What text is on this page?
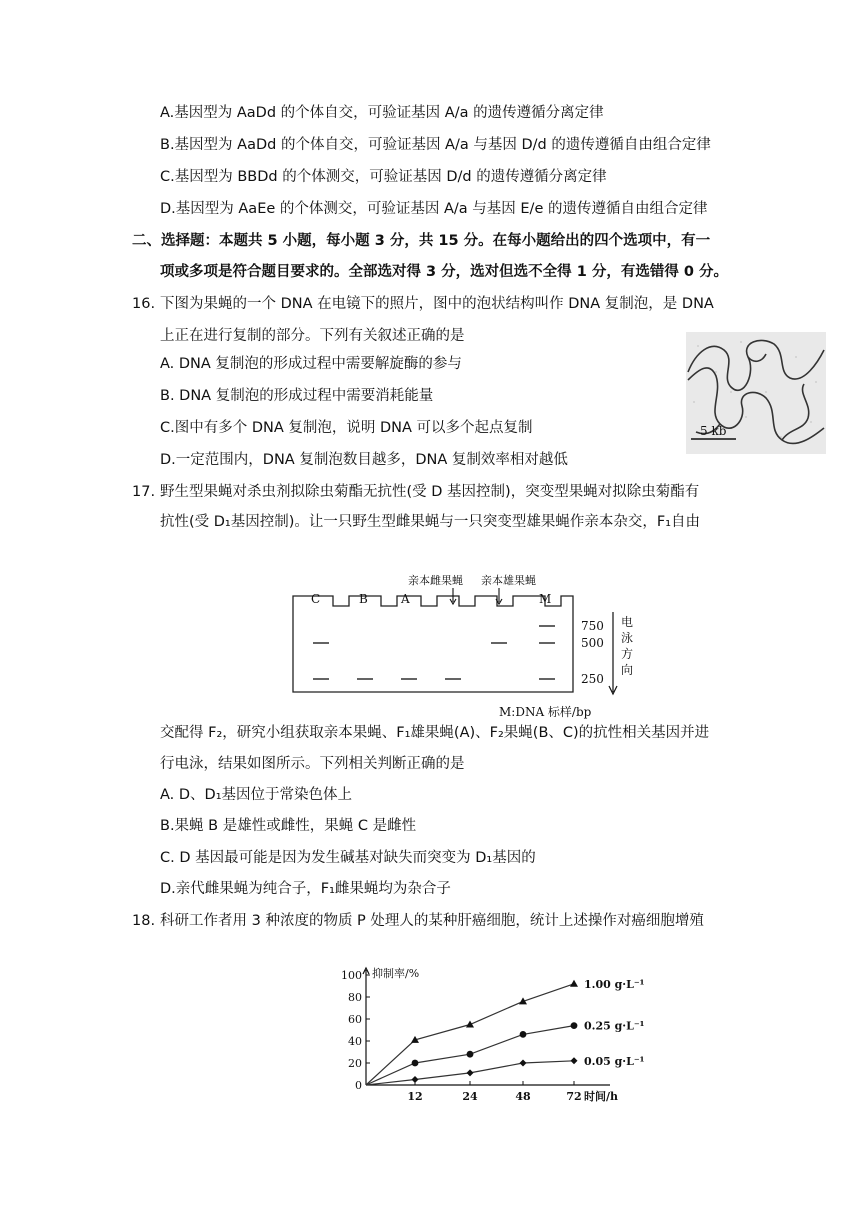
A.基因型为 AaDd 的个体自交，可验证基因 A/a 的遗传遵循分离定律
B.基因型为 AaDd 的个体自交，可验证基因 A/a 与基因 D/d 的遗传遵循自由组合定律
C.基因型为 BBDd 的个体测交，可验证基因 D/d 的遗传遵循分离定律
D.基因型为 AaEe 的个体测交，可验证基因 A/a 与基因 E/e 的遗传遵循自由组合定律
二、选择题：本题共 5 小题，每小题 3 分，共 15 分。在每小题给出的四个选项中，有一
项或多项是符合题目要求的。全部选对得 3 分，选对但选不全得 1 分，有选错得 0 分。
16. 下图为果蝇的一个 DNA 在电镜下的照片，图中的泡状结构叫作 DNA 复制泡，是 DNA
上正在进行复制的部分。下列有关叙述正确的是
A. DNA 复制泡的形成过程中需要解旋酶的参与
B. DNA 复制泡的形成过程中需要消耗能量
C.图中有多个 DNA 复制泡，说明 DNA 可以多个起点复制
D.一定范围内，DNA 复制泡数目越多，DNA 复制效率相对越低
5 kb
17. 野生型果蝇对杀虫剂拟除虫菊酯无抗性(受 D 基因控制)，突变型果蝇对拟除虫菊酯有
抗性(受 D₁基因控制)。让一只野生型雌果蝇与一只突变型雄果蝇作亲本杂交，F₁自由
C	B	A	M
亲本雌果蝇 亲本雄果蝇
750
500
250
电泳方向
M:DNA 标样/bp
交配得 F₂，研究小组获取亲本果蝇、F₁雄果蝇(A)、F₂果蝇(B、C)的抗性相关基因并进
行电泳，结果如图所示。下列相关判断正确的是
A. D、D₁基因位于常染色体上
B.果蝇 B 是雄性或雌性，果蝇 C 是雌性
C. D 基因最可能是因为发生碱基对缺失而突变为 D₁基因的
D.亲代雌果蝇为纯合子，F₁雌果蝇均为杂合子
18. 科研工作者用 3 种浓度的物质 P 处理人的某种肝癌细胞，统计上述操作对癌细胞增殖
0
20
40
60
80
100
12	24	48	72
抑制率/%
时间/h
1.00 g·L⁻¹
0.25 g·L⁻¹
0.05 g·L⁻¹
